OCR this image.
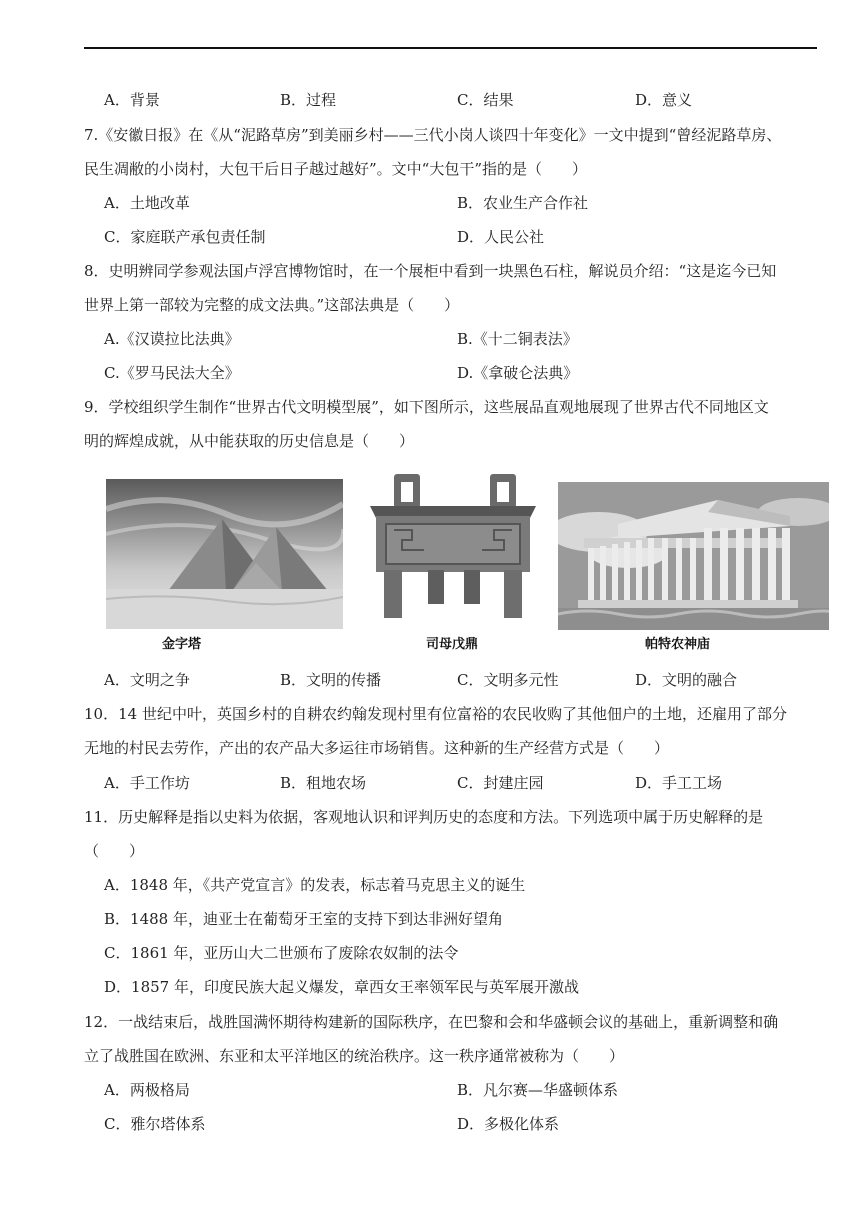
A．背景	B．过程	C．结果	D．意义
7.《安徽日报》在《从“泥路草房”到美丽乡村——三代小岗人谈四十年变化》一文中提到“曾经泥路草房、
民生凋敝的小岗村，大包干后日子越过越好”。文中“大包干”指的是（　　）
A．土地改革	B．农业生产合作社
C．家庭联产承包责任制	D．人民公社
8．史明辨同学参观法国卢浮宫博物馆时，在一个展柜中看到一块黑色石柱，解说员介绍：“这是迄今已知
世界上第一部较为完整的成文法典。”这部法典是（　　）
A.《汉谟拉比法典》	B.《十二铜表法》
C.《罗马民法大全》	D.《拿破仑法典》
9．学校组织学生制作“世界古代文明模型展”，如下图所示，这些展品直观地展现了世界古代不同地区文
明的辉煌成就，从中能获取的历史信息是（　　）
金字塔	司母戊鼎	帕特农神庙
A．文明之争	B．文明的传播	C．文明多元性	D．文明的融合
10．14 世纪中叶，英国乡村的自耕农约翰发现村里有位富裕的农民收购了其他佃户的土地，还雇用了部分
无地的村民去劳作，产出的农产品大多运往市场销售。这种新的生产经营方式是（　　）
A．手工作坊	B．租地农场	C．封建庄园	D．手工工场
11．历史解释是指以史料为依据，客观地认识和评判历史的态度和方法。下列选项中属于历史解释的是
（　　）
A．1848 年，《共产党宣言》的发表，标志着马克思主义的诞生
B．1488 年，迪亚士在葡萄牙王室的支持下到达非洲好望角
C．1861 年，亚历山大二世颁布了废除农奴制的法令
D．1857 年，印度民族大起义爆发，章西女王率领军民与英军展开激战
12．一战结束后，战胜国满怀期待构建新的国际秩序，在巴黎和会和华盛顿会议的基础上，重新调整和确
立了战胜国在欧洲、东亚和太平洋地区的统治秩序。这一秩序通常被称为（　　）
A．两极格局	B．凡尔赛—华盛顿体系
C．雅尔塔体系	D．多极化体系
